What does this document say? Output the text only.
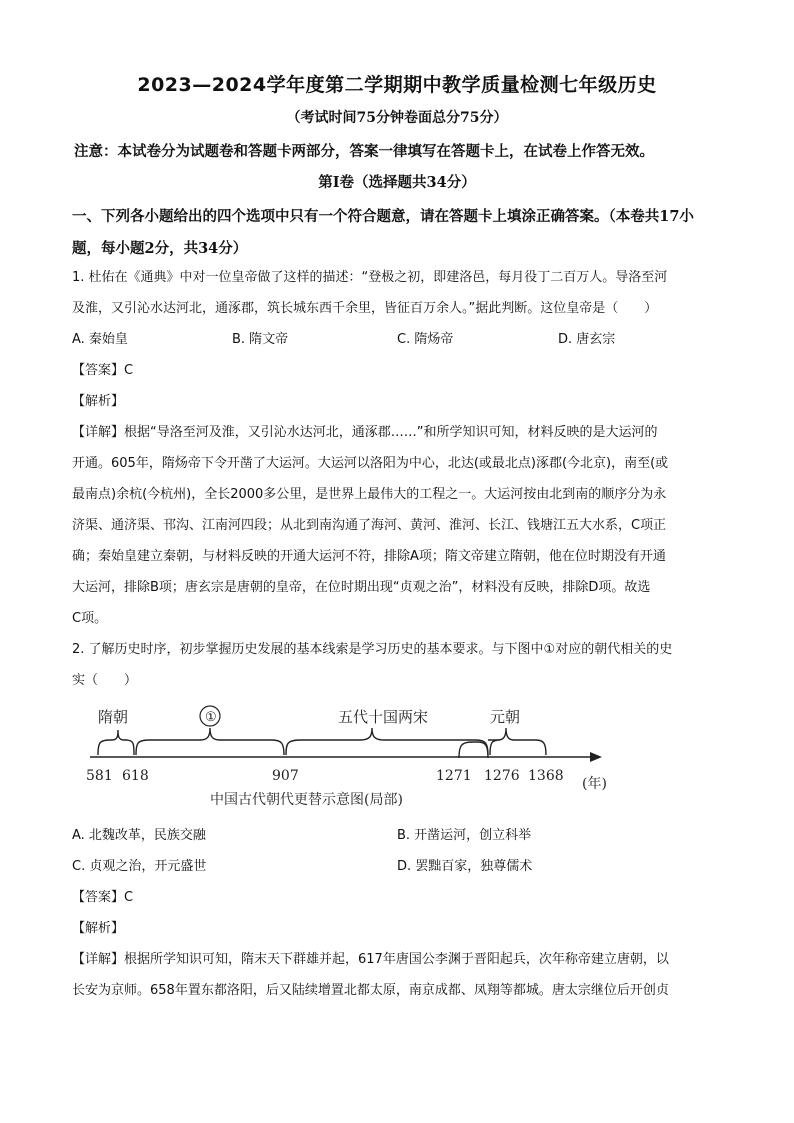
2023—2024学年度第二学期期中教学质量检测七年级历史
（考试时间75分钟卷面总分75分）
注意：本试卷分为试题卷和答题卡两部分，答案一律填写在答题卡上，在试卷上作答无效。
第Ⅰ卷（选择题共34分）
一、下列各小题给出的四个选项中只有一个符合题意，请在答题卡上填涂正确答案。（本卷共17小题，每小题2分，共34分）

1. 杜佑在《通典》中对一位皇帝做了这样的描述：“登极之初，即建洛邑，每月役丁二百万人。导洛至河

及淮，又引沁水达河北，通涿郡，筑长城东西千余里，皆征百万余人。”据此判断。这位皇帝是（　　）

A. 秦始皇	B. 隋文帝	C. 隋炀帝	D. 唐玄宗

【答案】C

【解析】

【详解】根据“导洛至河及淮，又引沁水达河北，通涿郡……”和所学知识可知，材料反映的是大运河的

开通。605年，隋炀帝下令开凿了大运河。大运河以洛阳为中心，北达(或最北点)涿郡(今北京)，南至(或

最南点)余杭(今杭州)，全长2000多公里，是世界上最伟大的工程之一。大运河按由北到南的顺序分为永

济渠、通济渠、邗沟、江南河四段；从北到南沟通了海河、黄河、淮河、长江、钱塘江五大水系，C项正

确；秦始皇建立秦朝，与材料反映的开通大运河不符，排除A项；隋文帝建立隋朝，他在位时期没有开通

大运河，排除B项；唐玄宗是唐朝的皇帝，在位时期出现“贞观之治”，材料没有反映，排除D项。故选

C项。

2. 了解历史时序，初步掌握历史发展的基本线索是学习历史的基本要求。与下图中①对应的朝代相关的史

实（　　）

隋朝	①	五代十国两宋	元朝
581 618	907	1271 1276 1368 (年)
中国古代朝代更替示意图(局部)
A. 北魏改革，民族交融	B. 开凿运河，创立科举
C. 贞观之治，开元盛世	D. 罢黜百家，独尊儒术

【答案】C

【解析】

【详解】根据所学知识可知，隋末天下群雄并起，617年唐国公李渊于晋阳起兵，次年称帝建立唐朝，以

长安为京师。658年置东都洛阳，后又陆续增置北都太原，南京成都、凤翔等都城。唐太宗继位后开创贞
